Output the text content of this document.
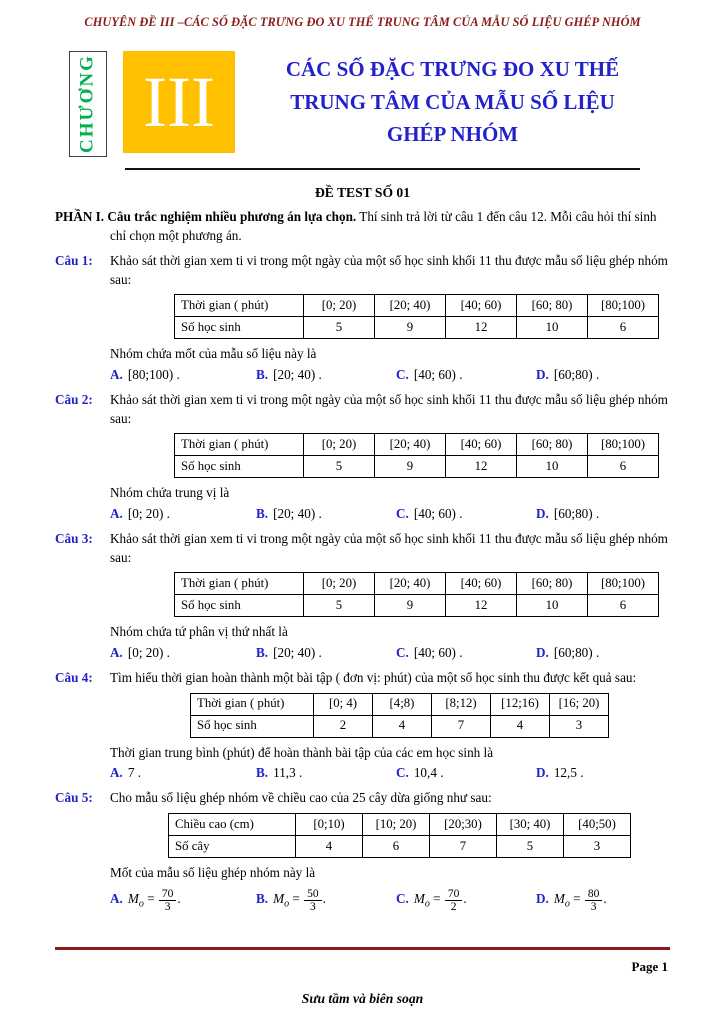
CHUYÊN ĐỀ III –CÁC SỐ ĐẶC TRƯNG ĐO XU THẾ TRUNG TÂM CỦA MẪU SỐ LIỆU GHÉP NHÓM
CHƯƠNG III	CÁC SỐ ĐẶC TRƯNG ĐO XU THẾ
TRUNG TÂM CỦA MẪU SỐ LIỆU
GHÉP NHÓM
ĐỀ TEST SỐ 01

PHẦN I. Câu trắc nghiệm nhiều phương án lựa chọn. Thí sinh trả lời từ câu 1 đến câu 12. Mỗi câu hỏi thí sinh chỉ chọn một phương án.

Câu 1:	Khảo sát thời gian xem ti vi trong một ngày của một số học sinh khối 11 thu được mẫu số liệu ghép nhóm sau:
Thời gian ( phút)	[0; 20)	[20; 40)	[40; 60)	[60; 80)	[80;100)
Số học sinh	5	9	12	10	6
Nhóm chứa mốt của mẫu số liệu này là
A. [80;100) .	B. [20; 40) .	C. [40; 60) .	D. [60;80) .
Câu 2:	Khảo sát thời gian xem ti vi trong một ngày của một số học sinh khối 11 thu được mẫu số liệu ghép nhóm sau:
Thời gian ( phút)	[0; 20)	[20; 40)	[40; 60)	[60; 80)	[80;100)
Số học sinh	5	9	12	10	6
Nhóm chứa trung vị là
A. [0; 20) .	B. [20; 40) .	C. [40; 60) .	D. [60;80) .
Câu 3:	Khảo sát thời gian xem ti vi trong một ngày của một số học sinh khối 11 thu được mẫu số liệu ghép nhóm sau:
Thời gian ( phút)	[0; 20)	[20; 40)	[40; 60)	[60; 80)	[80;100)
Số học sinh	5	9	12	10	6
Nhóm chứa tứ phân vị thứ nhất là
A. [0; 20) .	B. [20; 40) .	C. [40; 60) .	D. [60;80) .
Câu 4:	Tìm hiểu thời gian hoàn thành một bài tập ( đơn vị: phút) của một số học sinh thu được kết quả sau:
Thời gian ( phút)	[0; 4)	[4;8)	[8;12)	[12;16)	[16; 20)
Số học sinh	2	4	7	4	3
Thời gian trung bình (phút) để hoàn thành bài tập của các em học sinh là
A. 7 .	B. 11,3 .	C. 10,4 .	D. 12,5 .
Câu 5:	Cho mẫu số liệu ghép nhóm về chiều cao của 25 cây dừa giống như sau:
Chiều cao (cm)	[0;10)	[10; 20)	[20;30)	[30; 40)	[40;50)
Số cây	4	6	7	5	3
Mốt của mẫu số liệu ghép nhóm này là
A. $M_o = \frac{70}{3}$ .	B. $M_o = \frac{50}{3}$ .	C. $M_o = \frac{70}{2}$ .	D. $M_o = \frac{80}{3}$ .
Page 1
Sưu tầm và biên soạn
